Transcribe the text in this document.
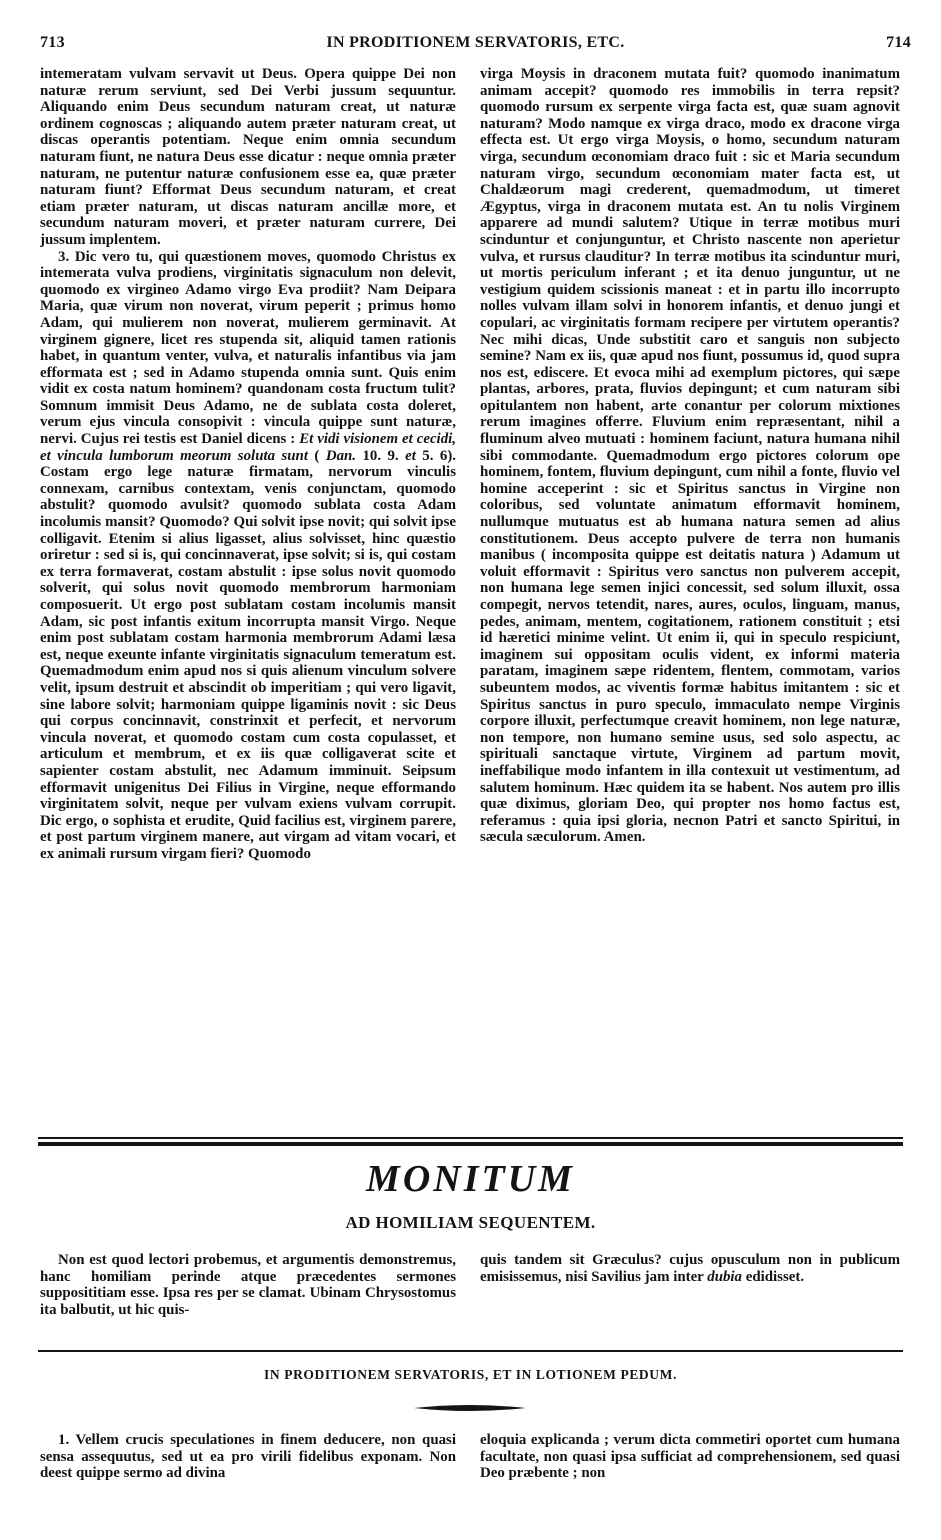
713	IN PRODITIONEM SERVATORIS, ETC.	714

intemeratam vulvam servavit ut Deus. Opera quippe Dei non naturæ rerum serviunt, sed Dei Verbi jussum sequuntur. Aliquando enim Deus secundum naturam creat, ut naturæ ordinem cognoscas ; aliquando autem præter naturam creat, ut discas operantis potentiam. Neque enim omnia secundum naturam fiunt, ne natura Deus esse dicatur : neque omnia præter naturam, ne putentur naturæ confusionem esse ea, quæ præter naturam fiunt? Efformat Deus secundum naturam, et creat etiam præter naturam, ut discas naturam ancillæ more, et secundum naturam moveri, et præter naturam currere, Dei jussum implentem.

3. Dic vero tu, qui quæstionem moves, quomodo Christus ex intemerata vulva prodiens, virginitatis signaculum non delevit, quomodo ex virgineo Adamo virgo Eva prodiit? Nam Deipara Maria, quæ virum non noverat, virum peperit ; primus homo Adam, qui mulierem non noverat, mulierem germinavit. At virginem gignere, licet res stupenda sit, aliquid tamen rationis habet, in quantum venter, vulva, et naturalis infantibus via jam efformata est ; sed in Adamo stupenda omnia sunt. Quis enim vidit ex costa natum hominem? quandonam costa fructum tulit? Somnum immisit Deus Adamo, ne de sublata costa doleret, verum ejus vincula consopivit : vincula quippe sunt naturæ, nervi. Cujus rei testis est Daniel dicens : Et vidi visionem et cecidi, et vincula lumborum meorum soluta sunt ( Dan. 10. 9. et 5. 6). Costam ergo lege naturæ firmatam, nervorum vinculis connexam, carnibus contextam, venis conjunctam, quomodo abstulit? quomodo avulsit? quomodo sublata costa Adam incolumis mansit? Quomodo? Qui solvit ipse novit; qui solvit ipse colligavit. Etenim si alius ligasset, alius solvisset, hinc quæstio oriretur : sed si is, qui concinnaverat, ipse solvit; si is, qui costam ex terra formaverat, costam abstulit : ipse solus novit quomodo solverit, qui solus novit quomodo membrorum harmoniam composuerit. Ut ergo post sublatam costam incolumis mansit Adam, sic post infantis exitum incorrupta mansit Virgo. Neque enim post sublatam costam harmonia membrorum Adami læsa est, neque exeunte infante virginitatis signaculum temeratum est. Quemadmodum enim apud nos si quis alienum vinculum solvere velit, ipsum destruit et abscindit ob imperitiam ; qui vero ligavit, sine labore solvit; harmoniam quippe ligaminis novit : sic Deus qui corpus concinnavit, constrinxit et perfecit, et nervorum vincula noverat, et quomodo costam cum costa copulasset, et articulum et membrum, et ex iis quæ colligaverat scite et sapienter costam abstulit, nec Adamum imminuit. Seipsum efformavit unigenitus Dei Filius in Virgine, neque efformando virginitatem solvit, neque per vulvam exiens vulvam corrupit. Dic ergo, o sophista et erudite, Quid facilius est, virginem parere, et post partum virginem manere, aut virgam ad vitam vocari, et ex animali rursum virgam fieri? Quomodo

virga Moysis in draconem mutata fuit? quomodo inanimatum animam accepit? quomodo res immobilis in terra repsit? quomodo rursum ex serpente virga facta est, quæ suam agnovit naturam? Modo namque ex virga draco, modo ex dracone virga effecta est. Ut ergo virga Moysis, o homo, secundum naturam virga, secundum œconomiam draco fuit : sic et Maria secundum naturam virgo, secundum œconomiam mater facta est, ut Chaldæorum magi crederent, quemadmodum, ut timeret Ægyptus, virga in draconem mutata est. An tu nolis Virginem apparere ad mundi salutem? Utique in terræ motibus muri scinduntur et conjunguntur, et Christo nascente non aperietur vulva, et rursus clauditur? In terræ motibus ita scinduntur muri, ut mortis periculum inferant ; et ita denuo junguntur, ut ne vestigium quidem scissionis maneat : et in partu illo incorrupto nolles vulvam illam solvi in honorem infantis, et denuo jungi et copulari, ac virginitatis formam recipere per virtutem operantis? Nec mihi dicas, Unde substitit caro et sanguis non subjecto semine? Nam ex iis, quæ apud nos fiunt, possumus id, quod supra nos est, ediscere. Et evoca mihi ad exemplum pictores, qui sæpe plantas, arbores, prata, fluvios depingunt; et cum naturam sibi opitulantem non habent, arte conantur per colorum mixtiones rerum imagines offerre. Fluvium enim repræsentant, nihil a fluminum alveo mutuati : hominem faciunt, natura humana nihil sibi commodante. Quemadmodum ergo pictores colorum ope hominem, fontem, fluvium depingunt, cum nihil a fonte, fluvio vel homine acceperint : sic et Spiritus sanctus in Virgine non coloribus, sed voluntate animatum efformavit hominem, nullumque mutuatus est ab humana natura semen ad alius constitutionem. Deus accepto pulvere de terra non humanis manibus ( incomposita quippe est deitatis natura ) Adamum ut voluit efformavit : Spiritus vero sanctus non pulverem accepit, non humana lege semen injici concessit, sed solum illuxit, ossa compegit, nervos tetendit, nares, aures, oculos, linguam, manus, pedes, animam, mentem, cogitationem, rationem constituit ; etsi id hæretici minime velint. Ut enim ii, qui in speculo respiciunt, imaginem sui oppositam oculis vident, ex informi materia paratam, imaginem sæpe ridentem, flentem, commotam, varios subeuntem modos, ac viventis formæ habitus imitantem : sic et Spiritus sanctus in puro speculo, immaculato nempe Virginis corpore illuxit, perfectumque creavit hominem, non lege naturæ, non tempore, non humano semine usus, sed solo aspectu, ac spirituali sanctaque virtute, Virginem ad partum movit, ineffabilique modo infantem in illa contexuit ut vestimentum, ad salutem hominum. Hæc quidem ita se habent. Nos autem pro illis quæ diximus, gloriam Deo, qui propter nos homo factus est, referamus : quia ipsi gloria, necnon Patri et sancto Spiritui, in sæcula sæculorum. Amen.

MONITUM
AD HOMILIAM SEQUENTEM.

Non est quod lectori probemus, et argumentis demonstremus, hanc homiliam perinde atque præcedentes sermones supposititiam esse. Ipsa res per se clamat. Ubinam Chrysostomus ita balbutit, ut hic quis-

quis tandem sit Græculus? cujus opusculum non in publicum emisissemus, nisi Savilius jam inter dubia edidisset.

IN PRODITIONEM SERVATORIS, ET IN LOTIONEM PEDUM.

1. Vellem crucis speculationes in finem deducere, non quasi sensa assequutus, sed ut ea pro virili fidelibus exponam. Non deest quippe sermo ad divina

eloquia explicanda ; verum dicta commetiri oportet cum humana facultate, non quasi ipsa sufficiat ad comprehensionem, sed quasi Deo præbente ; non
